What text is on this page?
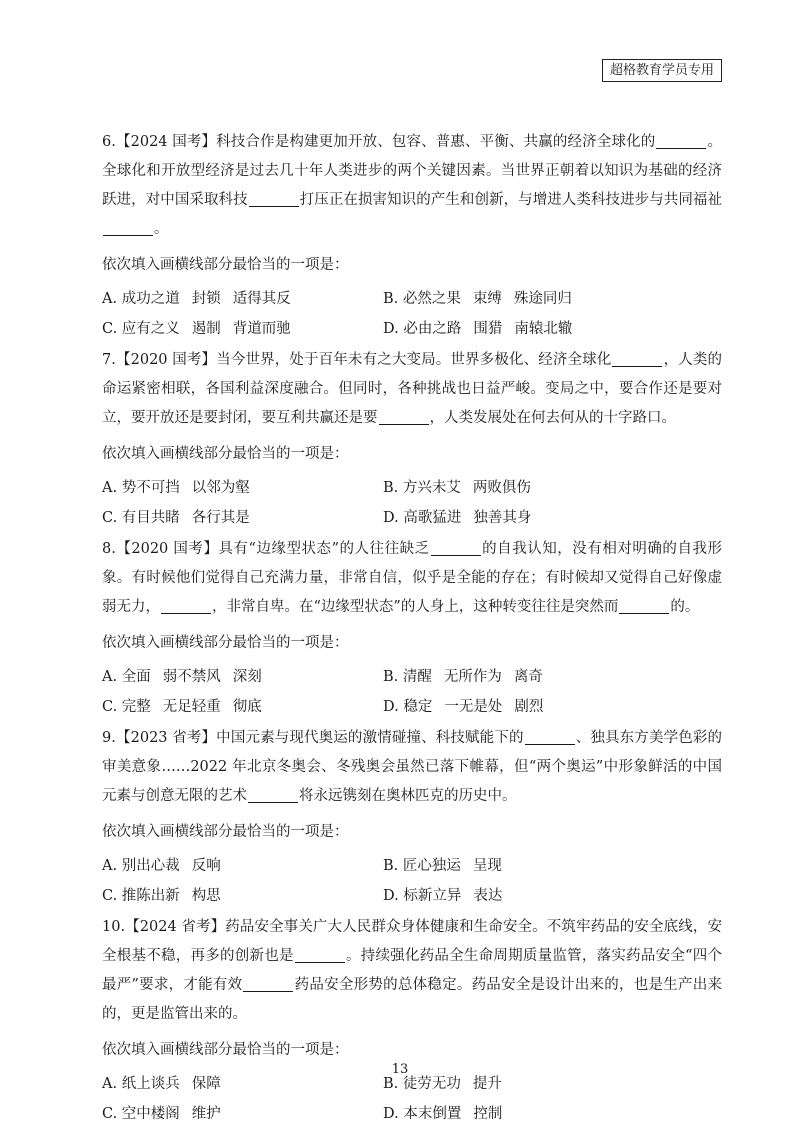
超格教育学员专用

6.【2024 国考】科技合作是构建更加开放、包容、普惠、平衡、共赢的经济全球化的	。全球化和开放型经济是过去几十年人类进步的两个关键因素。当世界正朝着以知识为基础的经济跃进，对中国采取科技	打压正在损害知识的产生和创新，与增进人类科技进步与共同福祉。

依次填入画横线部分最恰当的一项是：

A. 成功之道 封锁 适得其反	B. 必然之果 束缚 殊途同归
C. 应有之义 遏制 背道而驰	D. 必由之路 围猎 南辕北辙

7.【2020 国考】当今世界，处于百年未有之大变局。世界多极化、经济全球化	，人类的命运紧密相联，各国利益深度融合。但同时，各种挑战也日益严峻。变局之中，要合作还是要对立，要开放还是要封闭，要互利共赢还是要	，人类发展处在何去何从的十字路口。

依次填入画横线部分最恰当的一项是：

A. 势不可挡 以邻为壑	B. 方兴未艾 两败俱伤
C. 有目共睹 各行其是	D. 高歌猛进 独善其身

8.【2020 国考】具有“边缘型状态”的人往往缺乏	的自我认知，没有相对明确的自我形象。有时候他们觉得自己充满力量，非常自信，似乎是全能的存在；有时候却又觉得自己好像虚弱无力，	，非常自卑。在“边缘型状态”的人身上，这种转变往往是突然而	的。

依次填入画横线部分最恰当的一项是：

A. 全面 弱不禁风 深刻	B. 清醒 无所作为 离奇
C. 完整 无足轻重 彻底	D. 稳定 一无是处 剧烈

9.【2023 省考】中国元素与现代奥运的激情碰撞、科技赋能下的	、独具东方美学色彩的审美意象……2022 年北京冬奥会、冬残奥会虽然已落下帷幕，但“两个奥运”中形象鲜活的中国元素与创意无限的艺术	将永远镌刻在奥林匹克的历史中。

依次填入画横线部分最恰当的一项是：

A. 别出心裁 反响	B. 匠心独运 呈现
C. 推陈出新 构思	D. 标新立异 表达

10.【2024 省考】药品安全事关广大人民群众身体健康和生命安全。不筑牢药品的安全底线，安全根基不稳，再多的创新也是	。持续强化药品全生命周期质量监管，落实药品安全“四个最严”要求，才能有效	药品安全形势的总体稳定。药品安全是设计出来的，也是生产出来的，更是监管出来的。

依次填入画横线部分最恰当的一项是：

A. 纸上谈兵 保障	B. 徒劳无功 提升
C. 空中楼阁 维护	D. 本末倒置 控制
13
